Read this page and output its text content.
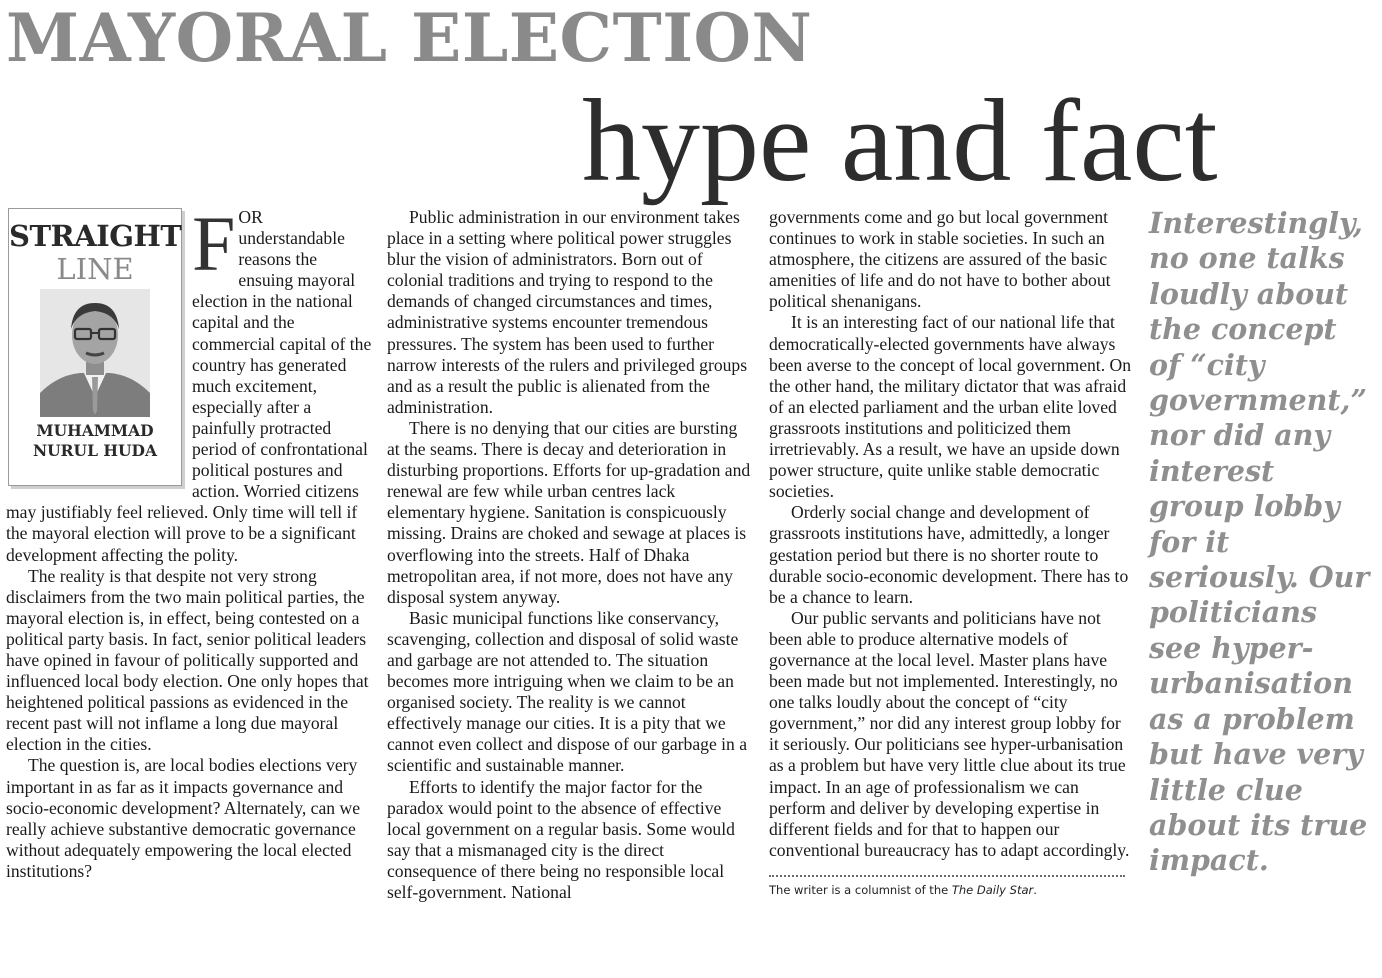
MAYORAL ELECTION
hype and fact
STRAIGHT
LINE
MUHAMMAD
NURUL HUDA
F OR understandable reasons the ensuing mayoral election in the national capital and the commercial capital of the country has generated much excitement, especially after a painfully protracted period of confrontational political postures and action. Worried citizens may justifiably feel relieved. Only time will tell if the mayoral election will prove to be a significant development affecting the polity.

The reality is that despite not very strong disclaimers from the two main political parties, the mayoral election is, in effect, being contested on a political party basis. In fact, senior political leaders have opined in favour of politically supported and influenced local body election. One only hopes that heightened political passions as evidenced in the recent past will not inflame a long due mayoral election in the cities.

The question is, are local bodies elections very important in as far as it impacts governance and socio-economic development? Alternately, can we really achieve substantive democratic governance without adequately empowering the local elected institutions?

Public administration in our environment takes place in a setting where political power struggles blur the vision of administrators. Born out of colonial traditions and trying to respond to the demands of changed circumstances and times, administrative systems encounter tremendous pressures. The system has been used to further narrow interests of the rulers and privileged groups and as a result the public is alienated from the administration.

There is no denying that our cities are bursting at the seams. There is decay and deterioration in disturbing proportions. Efforts for up-gradation and renewal are few while urban centres lack elementary hygiene. Sanitation is conspicuously missing. Drains are choked and sewage at places is overflowing into the streets. Half of Dhaka metropolitan area, if not more, does not have any disposal system anyway.

Basic municipal functions like conservancy, scavenging, collection and disposal of solid waste and garbage are not attended to. The situation becomes more intriguing when we claim to be an organised society. The reality is we cannot effectively manage our cities. It is a pity that we cannot even collect and dispose of our garbage in a scientific and sustainable manner.

Efforts to identify the major factor for the paradox would point to the absence of effective local government on a regular basis. Some would say that a mismanaged city is the direct consequence of there being no responsible local self-government. National

governments come and go but local government continues to work in stable societies. In such an atmosphere, the citizens are assured of the basic amenities of life and do not have to bother about political shenanigans.

It is an interesting fact of our national life that democratically-elected governments have always been averse to the concept of local government. On the other hand, the military dictator that was afraid of an elected parliament and the urban elite loved grassroots institutions and politicized them irretrievably. As a result, we have an upside down power structure, quite unlike stable democratic societies.

Orderly social change and development of grassroots institutions have, admittedly, a longer gestation period but there is no shorter route to durable socio-economic development. There has to be a chance to learn.

Our public servants and politicians have not been able to produce alternative models of governance at the local level. Master plans have been made but not implemented. Interestingly, no one talks loudly about the concept of “city government,” nor did any interest group lobby for it seriously. Our politicians see hyper-urbanisation as a problem but have very little clue about its true impact. In an age of professionalism we can perform and deliver by developing expertise in different fields and for that to happen our conventional bureaucracy has to adapt accordingly.

The writer is a columnist of the The Daily Star.

Interestingly, no one talks loudly about the concept of “city government,” nor did any interest group lobby for it seriously. Our politicians see hyper-urbanisation as a problem but have very little clue about its true impact.
